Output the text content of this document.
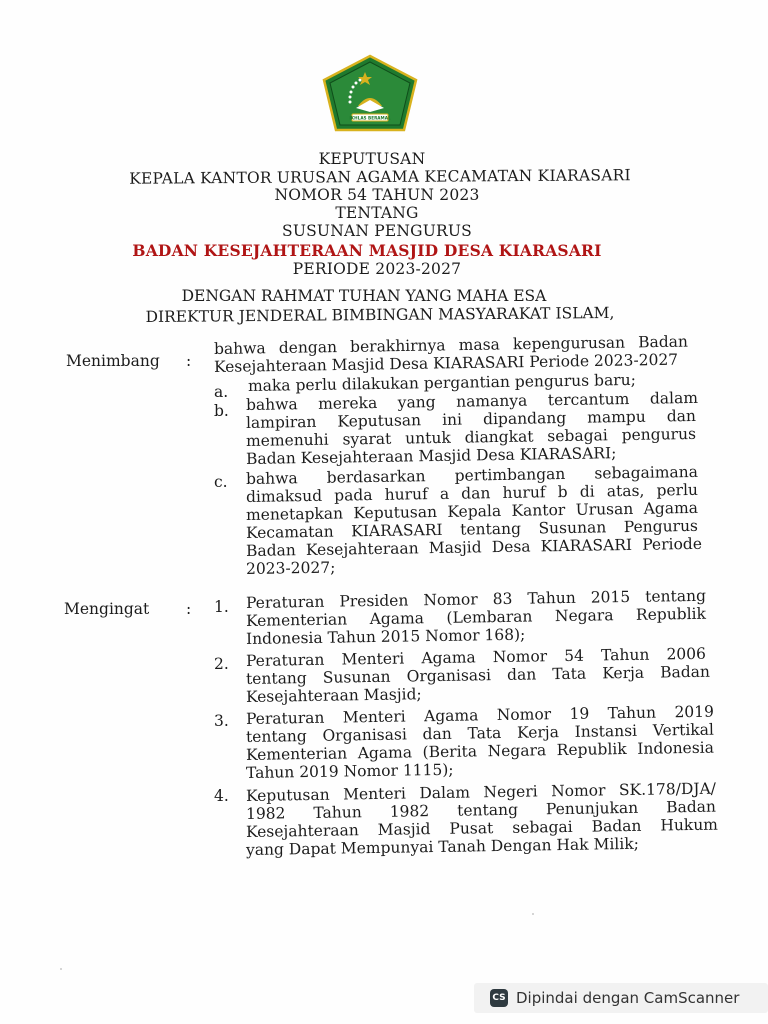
IKHLAS BERAMAL
KEPUTUSAN
KEPALA KANTOR URUSAN AGAMA KECAMATAN KIARASARI
NOMOR 54 TAHUN 2023
TENTANG
SUSUNAN PENGURUS
BADAN KESEJAHTERAAN MASJID DESA KIARASARI
PERIODE 2023-2027
DENGAN RAHMAT TUHAN YANG MAHA ESA
DIREKTUR JENDERAL BIMBINGAN MASYARAKAT ISLAM,
Menimbang :
bahwa dengan berakhirnya masa kepengurusan Badan
Kesejahteraan Masjid Desa KIARASARI Periode 2023-2027
a. maka perlu dilakukan pergantian pengurus baru;
b. bahwa mereka yang namanya tercantum dalam
lampiran Keputusan ini dipandang mampu dan
memenuhi syarat untuk diangkat sebagai pengurus
Badan Kesejahteraan Masjid Desa KIARASARI;
c. bahwa berdasarkan pertimbangan sebagaimana
dimaksud pada huruf a dan huruf b di atas, perlu
menetapkan Keputusan Kepala Kantor Urusan Agama
Kecamatan KIARASARI tentang Susunan Pengurus
Badan Kesejahteraan Masjid Desa KIARASARI Periode
2023-2027;
Mengingat : 1. Peraturan Presiden Nomor 83 Tahun 2015 tentang
Kementerian Agama (Lembaran Negara Republik
Indonesia Tahun 2015 Nomor 168);
2. Peraturan Menteri Agama Nomor 54 Tahun 2006
tentang Susunan Organisasi dan Tata Kerja Badan
Kesejahteraan Masjid;
3. Peraturan Menteri Agama Nomor 19 Tahun 2019
tentang Organisasi dan Tata Kerja Instansi Vertikal
Kementerian Agama (Berita Negara Republik Indonesia
Tahun 2019 Nomor 1115);
4. Keputusan Menteri Dalam Negeri Nomor SK.178/DJA/
1982 Tahun 1982 tentang Penunjukan Badan
Kesejahteraan Masjid Pusat sebagai Badan Hukum
yang Dapat Mempunyai Tanah Dengan Hak Milik;
CS Dipindai dengan CamScanner
